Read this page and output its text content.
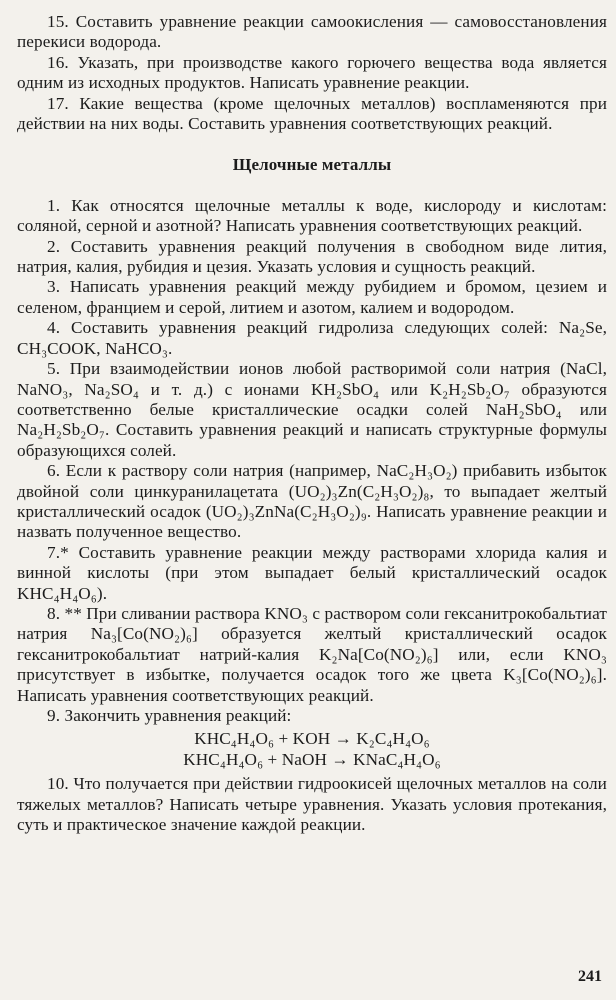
15. Составить уравнение реакции самоокисления — самовосстановления перекиси водорода.

16. Указать, при производстве какого горючего вещества вода является одним из исходных продуктов. Написать уравнение реакции.

17. Какие вещества (кроме щелочных металлов) воспламеняются при действии на них воды. Составить уравнения соответствующих реакций.

Щелочные металлы

1. Как относятся щелочные металлы к воде, кислороду и кислотам: соляной, серной и азотной? Написать уравнения соответствующих реакций.

2. Составить уравнения реакций получения в свободном виде лития, натрия, калия, рубидия и цезия. Указать условия и сущность реакций.

3. Написать уравнения реакций между рубидием и бромом, цезием и селеном, францием и серой, литием и азотом, калием и водородом.

4. Составить уравнения реакций гидролиза следующих солей: Na₂Se, CH₃COOK, NaHCO₃.

5. При взаимодействии ионов любой растворимой соли натрия (NaCl, NaNO₃, Na₂SO₄ и т. д.) с ионами KH₂SbO₄ или K₂H₂Sb₂O₇ образуются соответственно белые кристаллические осадки солей NaH₂SbO₄ или Na₂H₂Sb₂O₇. Составить уравнения реакций и написать структурные формулы образующихся солей.

6. Если к раствору соли натрия (например, NaC₂H₃O₂) прибавить избыток двойной соли цинкуранилацетата (UO₂)₃Zn(C₂H₃O₂)₈, то выпадает желтый кристаллический осадок (UO₂)₃ZnNa(C₂H₃O₂)₉. Написать уравнение реакции и назвать полученное вещество.

7.* Составить уравнение реакции между растворами хлорида калия и винной кислоты (при этом выпадает белый кристаллический осадок KHC₄H₄O₆).

8. ** При сливании раствора KNO₃ с раствором соли гексанитрокобальтиат натрия Na₃[Co(NO₂)₆] образуется желтый кристаллический осадок гексанитрокобальтиат натрий-калия K₂Na[Co(NO₂)₆] или, если KNO₃ присутствует в избытке, получается осадок того же цвета K₃[Co(NO₂)₆]. Написать уравнения соответствующих реакций.

9. Закончить уравнения реакций:

KHC₄H₄O₆ + KOH → K₂C₄H₄O₆

KHC₄H₄O₆ + NaOH → KNaC₄H₄O₆

10. Что получается при действии гидроокисей щелочных металлов на соли тяжелых металлов? Написать четыре уравнения. Указать условия протекания, суть и практическое значение каждой реакции.

241
